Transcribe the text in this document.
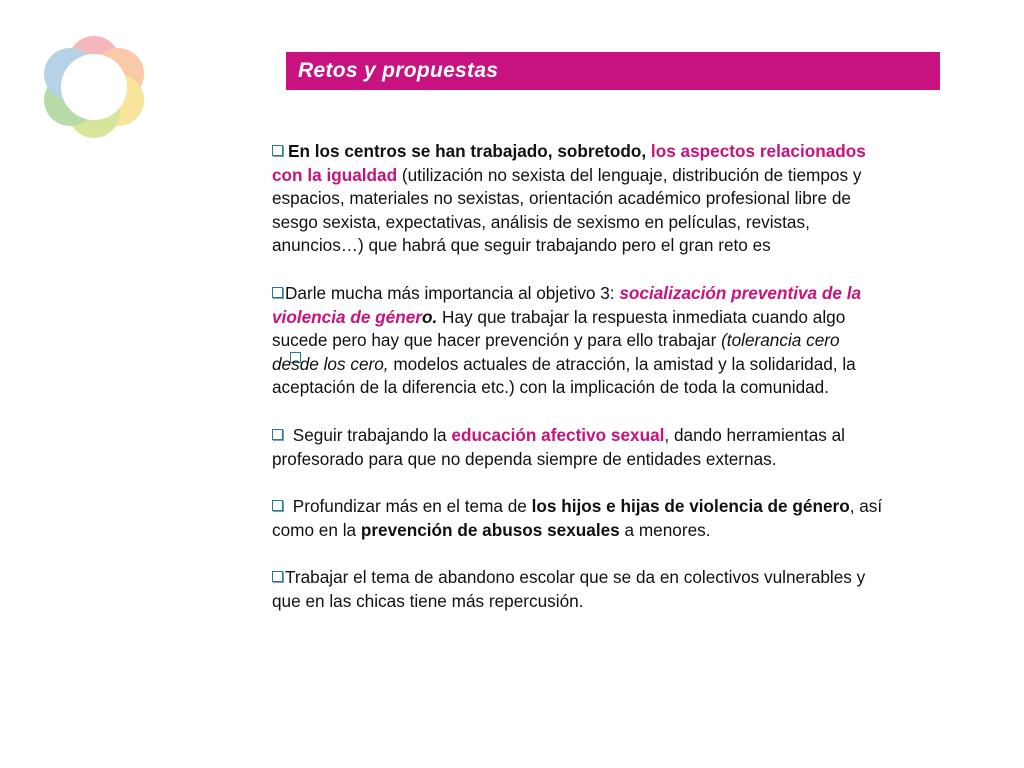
Retos y propuestas

En los centros se han trabajado, sobretodo, los aspectos relacionados con la igualdad (utilización no sexista del lenguaje, distribución de tiempos y espacios, materiales no sexistas, orientación académico profesional libre de sesgo sexista, expectativas, análisis de sexismo en películas, revistas, anuncios…) que habrá que seguir trabajando pero el gran reto es

Darle mucha más importancia al objetivo 3: socialización preventiva de la violencia de género. Hay que trabajar la respuesta inmediata cuando algo sucede pero hay que hacer prevención y para ello trabajar (tolerancia cero desde los cero, modelos actuales de atracción, la amistad y la solidaridad, la aceptación de la diferencia etc.) con la implicación de toda la comunidad.

Seguir trabajando la educación afectivo sexual, dando herramientas al profesorado para que no dependa siempre de entidades externas.

Profundizar más en el tema de los hijos e hijas de violencia de género, así como en la prevención de abusos sexuales a menores.

Trabajar el tema de abandono escolar que se da en colectivos vulnerables y que en las chicas tiene más repercusión.
